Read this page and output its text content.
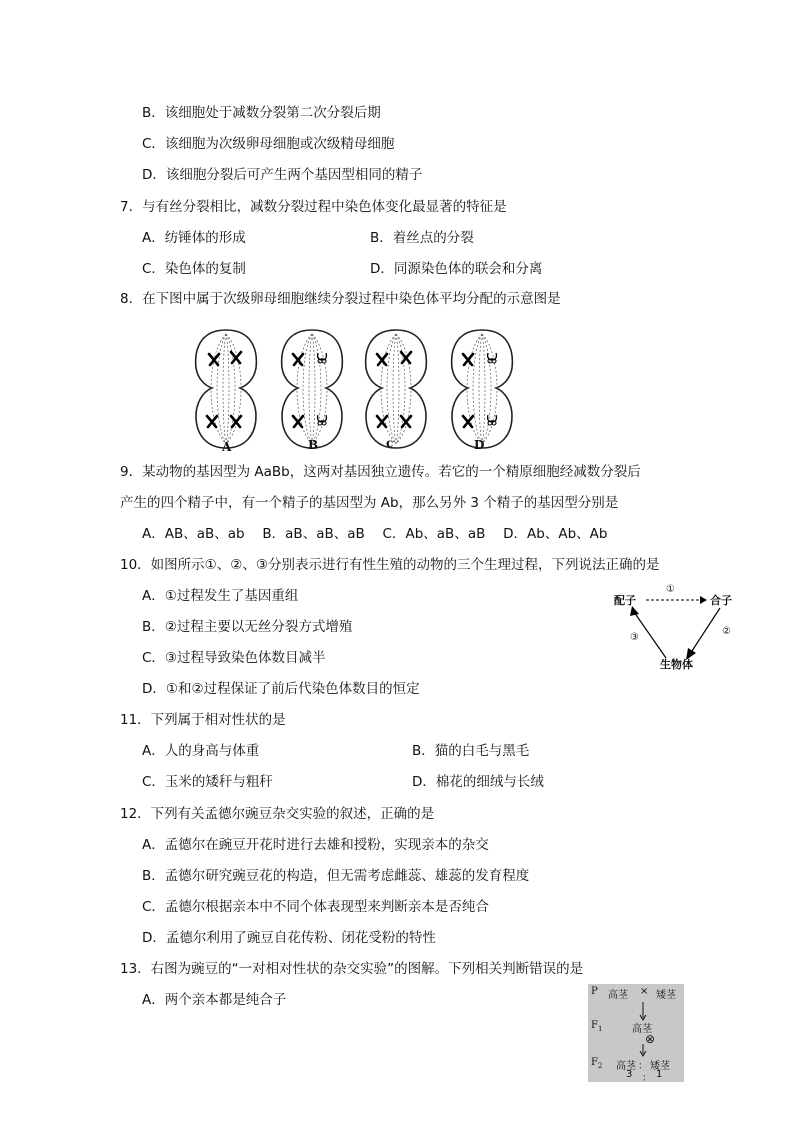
B．该细胞处于减数分裂第二次分裂后期
C．该细胞为次级卵母细胞或次级精母细胞
D．该细胞分裂后可产生两个基因型相同的精子
7．与有丝分裂相比，减数分裂过程中染色体变化最显著的特征是
A．纺锤体的形成	B．着丝点的分裂
C．染色体的复制	D．同源染色体的联会和分离
8．在下图中属于次级卵母细胞继续分裂过程中染色体平均分配的示意图是
A	B	c	D
9．某动物的基因型为 AaBb，这两对基因独立遗传。若它的一个精原细胞经减数分裂后
产生的四个精子中，有一个精子的基因型为 Ab，那么另外 3 个精子的基因型分别是
A．AB、aB、ab　 B．aB、aB、aB　 C．Ab、aB、aB　 D．Ab、Ab、Ab
10．如图所示①、②、③分别表示进行有性生殖的动物的三个生理过程，下列说法正确的是
A．①过程发生了基因重组
B．②过程主要以无丝分裂方式增殖
C．③过程导致染色体数目减半
D．①和②过程保证了前后代染色体数目的恒定
配子	合子
生物体
①
②
③
11．下列属于相对性状的是
A．人的身高与体重	B．猫的白毛与黑毛
C．玉米的矮秆与粗秆	D．棉花的细绒与长绒
12．下列有关孟德尔豌豆杂交实验的叙述，正确的是
A．孟德尔在豌豆开花时进行去雄和授粉，实现亲本的杂交
B．孟德尔研究豌豆花的构造，但无需考虑雌蕊、雄蕊的发育程度
C．孟德尔根据亲本中不同个体表现型来判断亲本是否纯合
D．孟德尔利用了豌豆自花传粉、闭花受粉的特性
13．右图为豌豆的“一对相对性状的杂交实验”的图解。下列相关判断错误的是
A．两个亲本都是纯合子
P 高茎 × 矮茎
$F_1$	高茎
⊗
$F_2$ 高茎 ： 矮茎
3 ： 1
